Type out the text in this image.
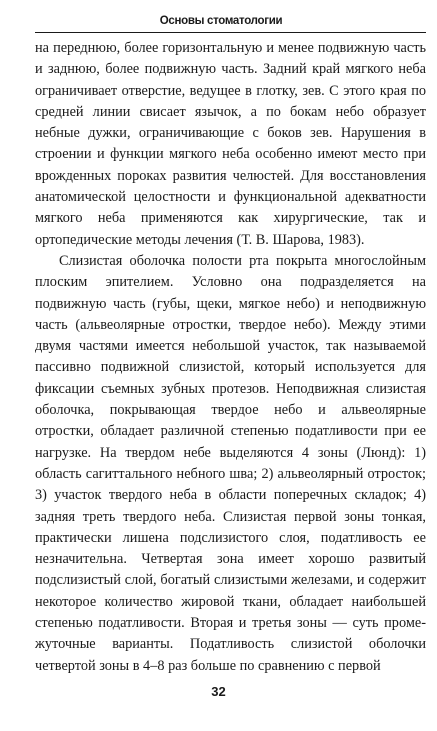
Основы стоматологии

на переднюю, более горизонтальную и менее подвижную часть и заднюю, более подвижную часть. Задний край мягкого неба ограничивает отверстие, ведущее в глотку, зев. С этого края по средней линии свисает язычок, а по бокам небо образует небные дужки, ограничивающие с боков зев. Нарушения в строении и функции мягкого неба особенно имеют место при врожденных пороках развития челюстей. Для восстановления анатомической целостности и функциональной адекватности мягкого неба применяются как хирургические, так и ортопедические методы лечения (Т. В. Шарова, 1983).

Слизистая оболочка полости рта покрыта многослойным плоским эпителием. Условно она подразделяется на подвижную часть (губы, щеки, мягкое небо) и неподвижную часть (альвеолярные отростки, твердое небо). Между этими двумя частями имеется небольшой участок, так называемой пассивно подвижной слизистой, который используется для фиксации съемных зубных протезов. Неподвижная слизистая оболочка, покрывающая твердое небо и альвеолярные отростки, обладает различной степенью податливости при ее нагрузке. На твердом небе выделяются 4 зоны (Люнд): 1) область сагиттального небного шва; 2) альвеолярный отросток; 3) участок твердого неба в области поперечных складок; 4) задняя треть твердого неба. Слизистая первой зоны тонкая, практически лишена подслизистого слоя, податливость ее незначительна. Четвертая зона имеет хорошо развитый подслизистый слой, богатый слизистыми железами, и содержит некоторое количество жировой ткани, обладает наибольшей степенью податливости. Вторая и третья зоны — суть промежуточные варианты. Податливость слизистой оболочки четвертой зоны в 4–8 раз больше по сравнению с первой

32
